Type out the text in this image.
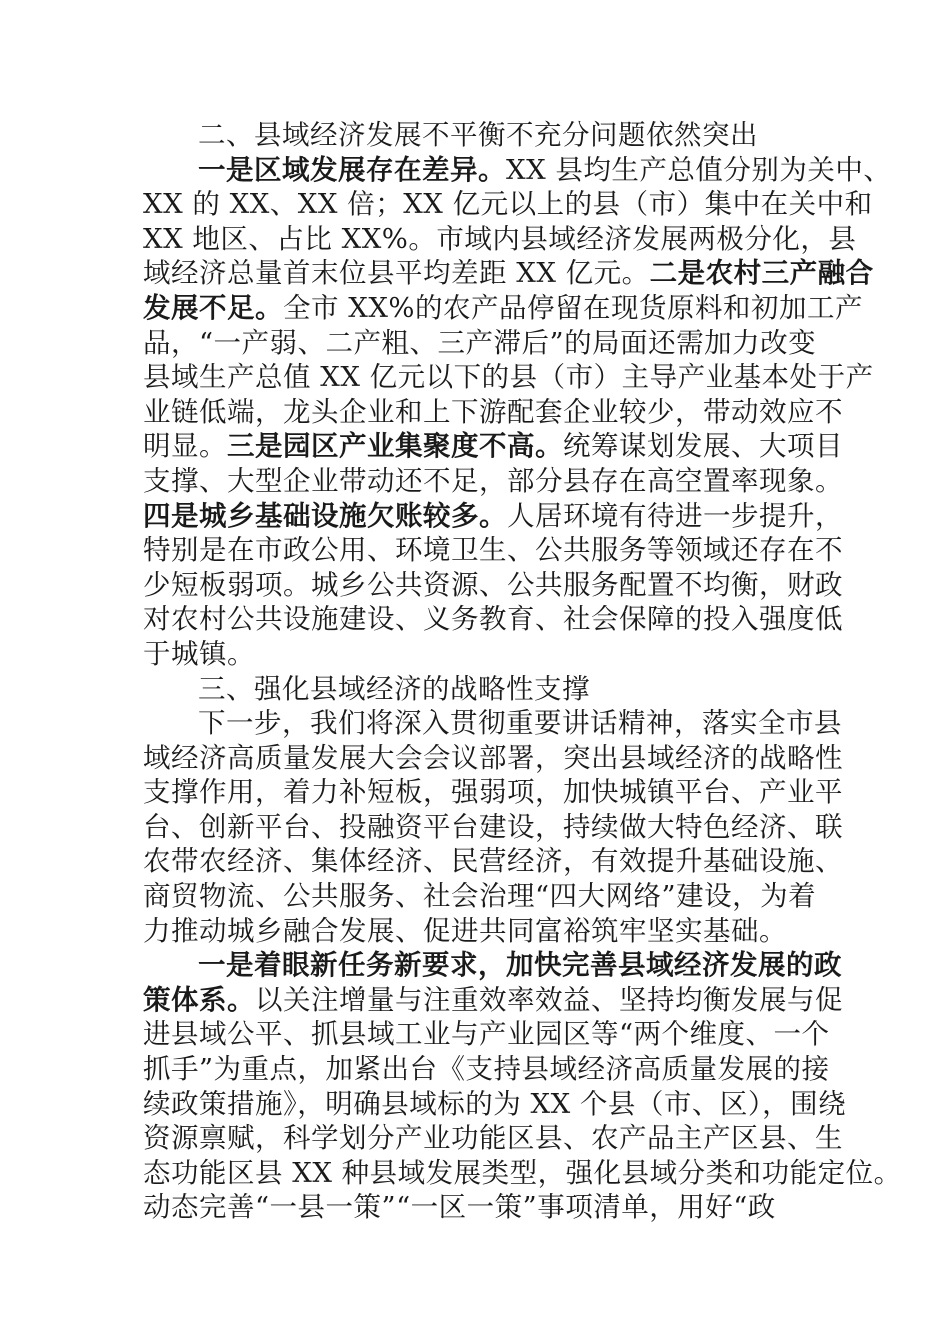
二、县域经济发展不平衡不充分问题依然突出
一是区域发展存在差异。XX 县均生产总值分别为关中、
XX 的 XX、XX 倍；XX 亿元以上的县（市）集中在关中和
XX 地区、占比 XX%。市域内县域经济发展两极分化，县
域经济总量首末位县平均差距 XX 亿元。二是农村三产融合
发展不足。全市 XX%的农产品停留在现货原料和初加工产
品，“一产弱、二产粗、三产滞后”的局面还需加力改变
县域生产总值 XX 亿元以下的县（市）主导产业基本处于产
业链低端，龙头企业和上下游配套企业较少，带动效应不
明显。三是园区产业集聚度不高。统筹谋划发展、大项目
支撑、大型企业带动还不足，部分县存在高空置率现象。
四是城乡基础设施欠账较多。人居环境有待进一步提升，
特别是在市政公用、环境卫生、公共服务等领域还存在不
少短板弱项。城乡公共资源、公共服务配置不均衡，财政
对农村公共设施建设、义务教育、社会保障的投入强度低
于城镇。
三、强化县域经济的战略性支撑
下一步，我们将深入贯彻重要讲话精神，落实全市县
域经济高质量发展大会会议部署，突出县域经济的战略性
支撑作用，着力补短板，强弱项，加快城镇平台、产业平
台、创新平台、投融资平台建设，持续做大特色经济、联
农带农经济、集体经济、民营经济，有效提升基础设施、
商贸物流、公共服务、社会治理“四大网络”建设，为着
力推动城乡融合发展、促进共同富裕筑牢坚实基础。
一是着眼新任务新要求，加快完善县域经济发展的政
策体系。以关注增量与注重效率效益、坚持均衡发展与促
进县域公平、抓县域工业与产业园区等“两个维度、一个
抓手”为重点，加紧出台《支持县域经济高质量发展的接
续政策措施》，明确县域标的为 XX 个县（市、区），围绕
资源禀赋，科学划分产业功能区县、农产品主产区县、生
态功能区县 XX 种县域发展类型，强化县域分类和功能定位。
动态完善“一县一策”“一区一策”事项清单，用好“政
